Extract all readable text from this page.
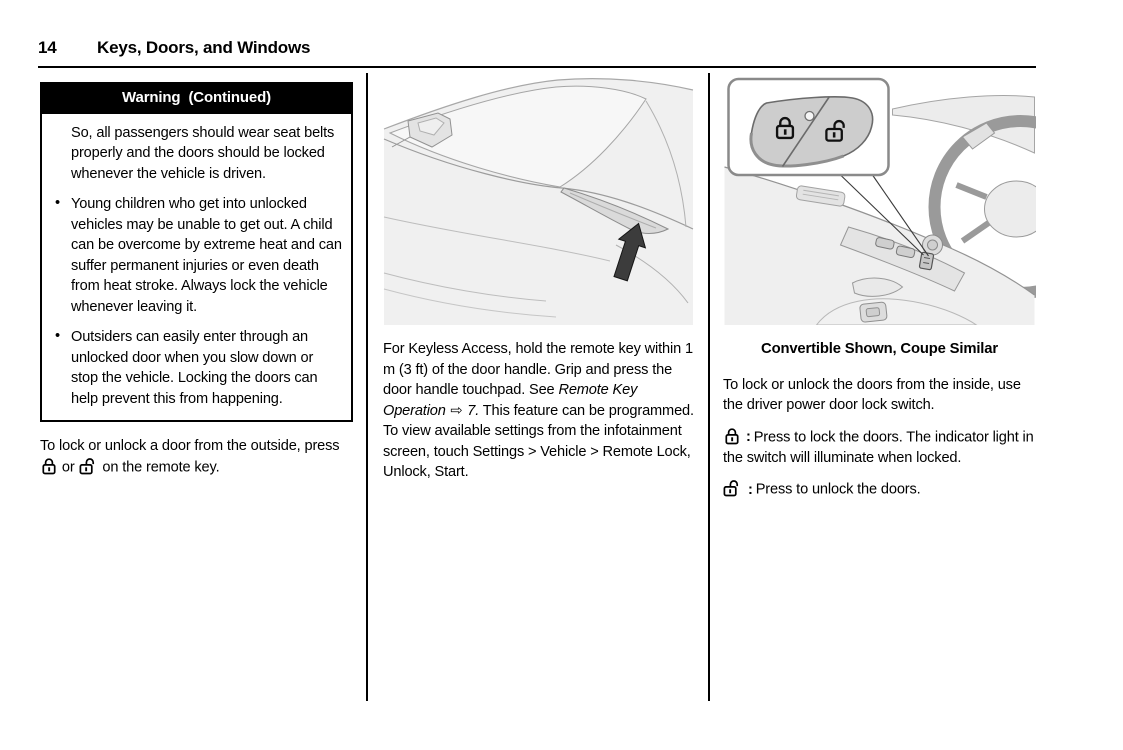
14 Keys, Doors, and Windows
Warning (Continued)

So, all passengers should wear seat belts properly and the doors should be locked whenever the vehicle is driven.

• Young children who get into unlocked vehicles may be unable to get out. A child can be overcome by extreme heat and can suffer permanent injuries or even death from heat stroke. Always lock the vehicle whenever leaving it.
• Outsiders can easily enter through an unlocked door when you slow down or stop the vehicle. Locking the doors can help prevent this from happening.

To lock or unlock a door from the outside, press  or  on the remote key.

For Keyless Access, hold the remote key within 1 m (3 ft) of the door handle. Grip and press the door handle touchpad. See Remote Key Operation ⇨ 7. This feature can be programmed. To view available settings from the infotainment screen, touch Settings > Vehicle > Remote Lock, Unlock, Start.

Convertible Shown, Coupe Similar

To lock or unlock the doors from the inside, use the driver power door lock switch.

: Press to lock the doors. The indicator light in the switch will illuminate when locked.

: Press to unlock the doors.
